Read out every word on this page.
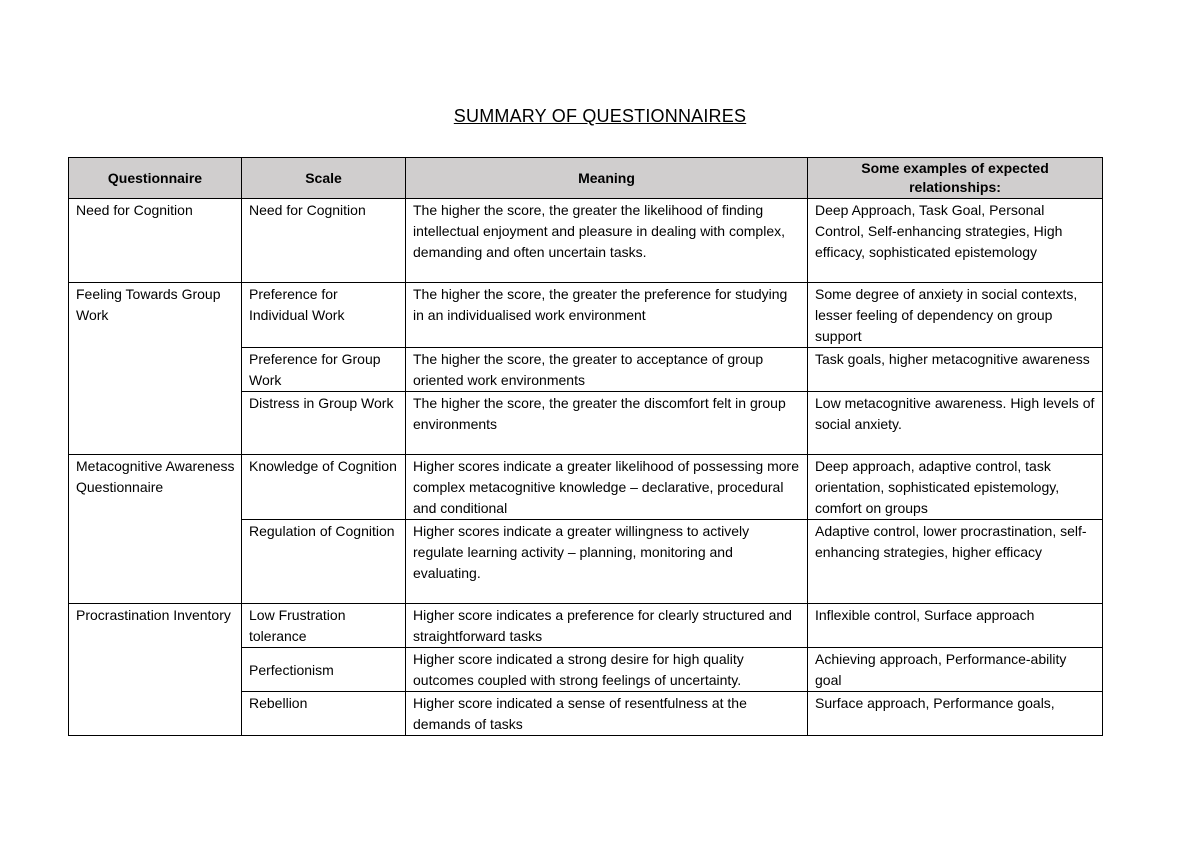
SUMMARY OF QUESTIONNAIRES
Questionnaire	Scale	Meaning	Some examples of expected relationships:
Need for Cognition	Need for Cognition	The higher the score, the greater the likelihood of finding intellectual enjoyment and pleasure in dealing with complex, demanding and often uncertain tasks.	Deep Approach, Task Goal, Personal Control, Self-enhancing strategies, High efficacy, sophisticated epistemology
Feeling Towards Group Work	Preference for Individual Work	The higher the score, the greater the preference for studying in an individualised work environment	Some degree of anxiety in social contexts, lesser feeling of dependency on group support
	Preference for Group Work	The higher the score, the greater to acceptance of group oriented work environments	Task goals, higher metacognitive awareness
	Distress in Group Work	The higher the score, the greater the discomfort felt in group environments	Low metacognitive awareness. High levels of social anxiety.
Metacognitive Awareness Questionnaire	Knowledge of Cognition	Higher scores indicate a greater likelihood of possessing more complex metacognitive knowledge – declarative, procedural and conditional	Deep approach, adaptive control, task orientation, sophisticated epistemology, comfort on groups
	Regulation of Cognition	Higher scores indicate a greater willingness to actively regulate learning activity – planning, monitoring and evaluating.	Adaptive control, lower procrastination, self-enhancing strategies, higher efficacy
Procrastination Inventory	Low Frustration tolerance	Higher score indicates a preference for clearly structured and straightforward tasks	Inflexible control, Surface approach
	Perfectionism	Higher score indicated a strong desire for high quality outcomes coupled with strong feelings of uncertainty.	Achieving approach, Performance-ability goal
	Rebellion	Higher score indicated a sense of resentfulness at the demands of tasks	Surface approach, Performance goals,
